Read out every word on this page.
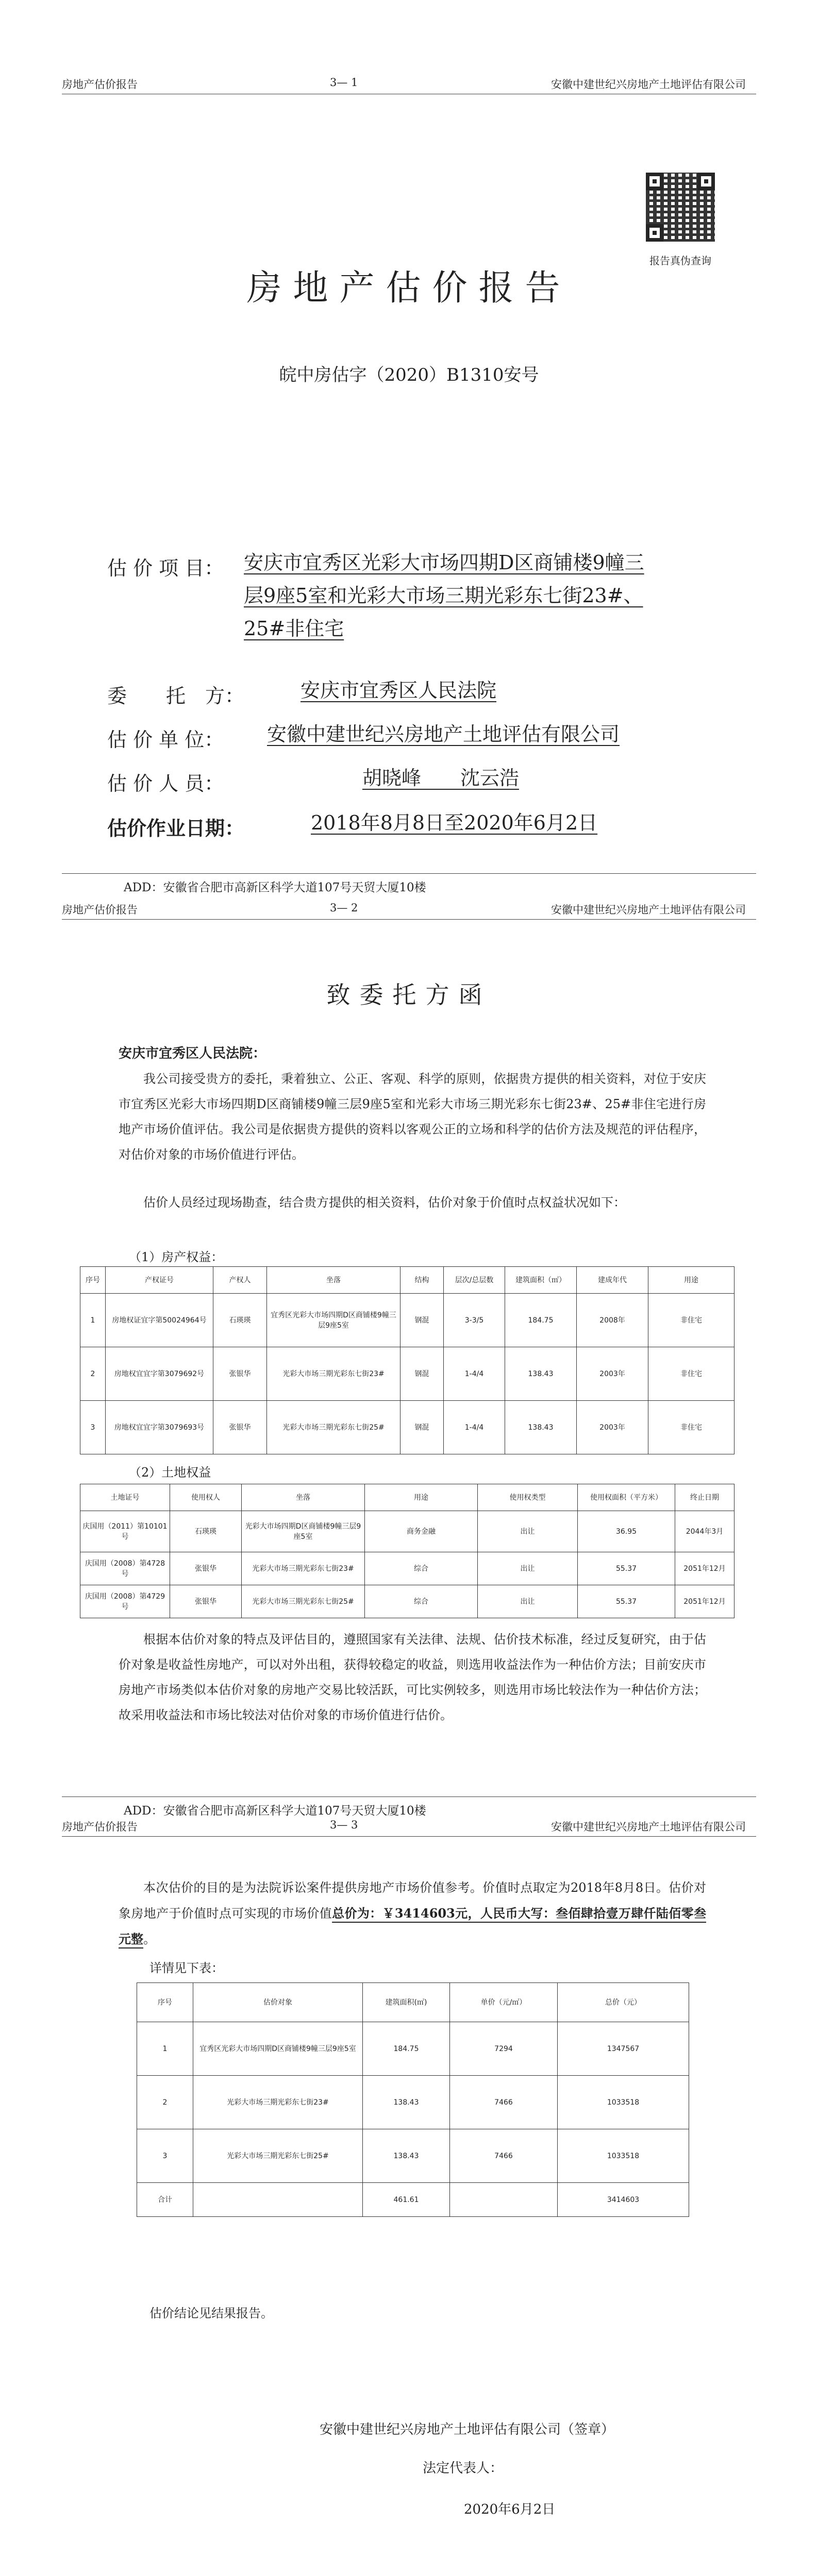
房地产估价报告	3— 1	安徽中建世纪兴房地产土地评估有限公司
报告真伪查询
房地产估价报告
皖中房估字（2020）B1310安号
估 价 项 目： 安庆市宜秀区光彩大市场四期D区商铺楼9幢三
层9座5室和光彩大市场三期光彩东七街23#、
25#非住宅
委　　托　方：	安庆市宜秀区人民法院
估 价 单 位：	安徽中建世纪兴房地产土地评估有限公司
估 价 人 员：	胡晓峰　　沈云浩
估价作业日期：	2018年8月8日至2020年6月2日
ADD：安徽省合肥市高新区科学大道107号天贸大厦10楼
房地产估价报告	3— 2	安徽中建世纪兴房地产土地评估有限公司
致委托方函
安庆市宜秀区人民法院：
我公司接受贵方的委托，秉着独立、公正、客观、科学的原则，依据贵方提供的相关资料，对位于安庆市宜秀区光彩大市场四期D区商铺楼9幢三层9座5室和光彩大市场三期光彩东七街23#、25#非住宅进行房地产市场价值评估。我公司是依据贵方提供的资料以客观公正的立场和科学的估价方法及规范的评估程序，对估价对象的市场价值进行评估。
估价人员经过现场勘查，结合贵方提供的相关资料，估价对象于价值时点权益状况如下：
（1）房产权益：
序号	产权证号	产权人	坐落	结构	层次/总层数	建筑面积（㎡）	建成年代	用途
1	房地权证宜字第50024964号	石瑛瑛	宜秀区光彩大市场四期D区商铺楼9幢三层9座5室	钢混	3-3/5	184.75	2008年	非住宅
2	房地权宜宜字第3079692号	张银华	光彩大市场三期光彩东七街23#	钢混	1-4/4	138.43	2003年	非住宅
3	房地权宜宜字第3079693号	张银华	光彩大市场三期光彩东七街25#	钢混	1-4/4	138.43	2003年	非住宅
（2）土地权益
土地证号	使用权人	坐落	用途	使用权类型	使用权面积（平方米）	终止日期
庆国用（2011）第10101号	石瑛瑛	光彩大市场四期D区商铺楼9幢三层9座5室	商务金融	出让	36.95	2044年3月
庆国用（2008）第4728号	张银华	光彩大市场三期光彩东七街23#	综合	出让	55.37	2051年12月
庆国用（2008）第4729号	张银华	光彩大市场三期光彩东七街25#	综合	出让	55.37	2051年12月
根据本估价对象的特点及评估目的，遵照国家有关法律、法规、估价技术标准，经过反复研究，由于估价对象是收益性房地产，可以对外出租，获得较稳定的收益，则选用收益法作为一种估价方法；目前安庆市房地产市场类似本估价对象的房地产交易比较活跃，可比实例较多，则选用市场比较法作为一种估价方法；故采用收益法和市场比较法对估价对象的市场价值进行估价。
ADD：安徽省合肥市高新区科学大道107号天贸大厦10楼
房地产估价报告	3— 3	安徽中建世纪兴房地产土地评估有限公司
本次估价的目的是为法院诉讼案件提供房地产市场价值参考。价值时点取定为2018年8月8日。估价对象房地产于价值时点可实现的市场价值总价为：￥3414603元，人民币大写：叁佰肆拾壹万肆仟陆佰零叁元整。
详情见下表：
序号	估价对象	建筑面积(㎡)	单价（元/㎡）	总价（元）
1	宜秀区光彩大市场四期D区商铺楼9幢三层9座5室	184.75	7294	1347567
2	光彩大市场三期光彩东七街23#	138.43	7466	1033518
3	光彩大市场三期光彩东七街25#	138.43	7466	1033518
合计		461.61		3414603
估价结论见结果报告。
安徽中建世纪兴房地产土地评估有限公司（签章）
法定代表人：
2020年6月2日
